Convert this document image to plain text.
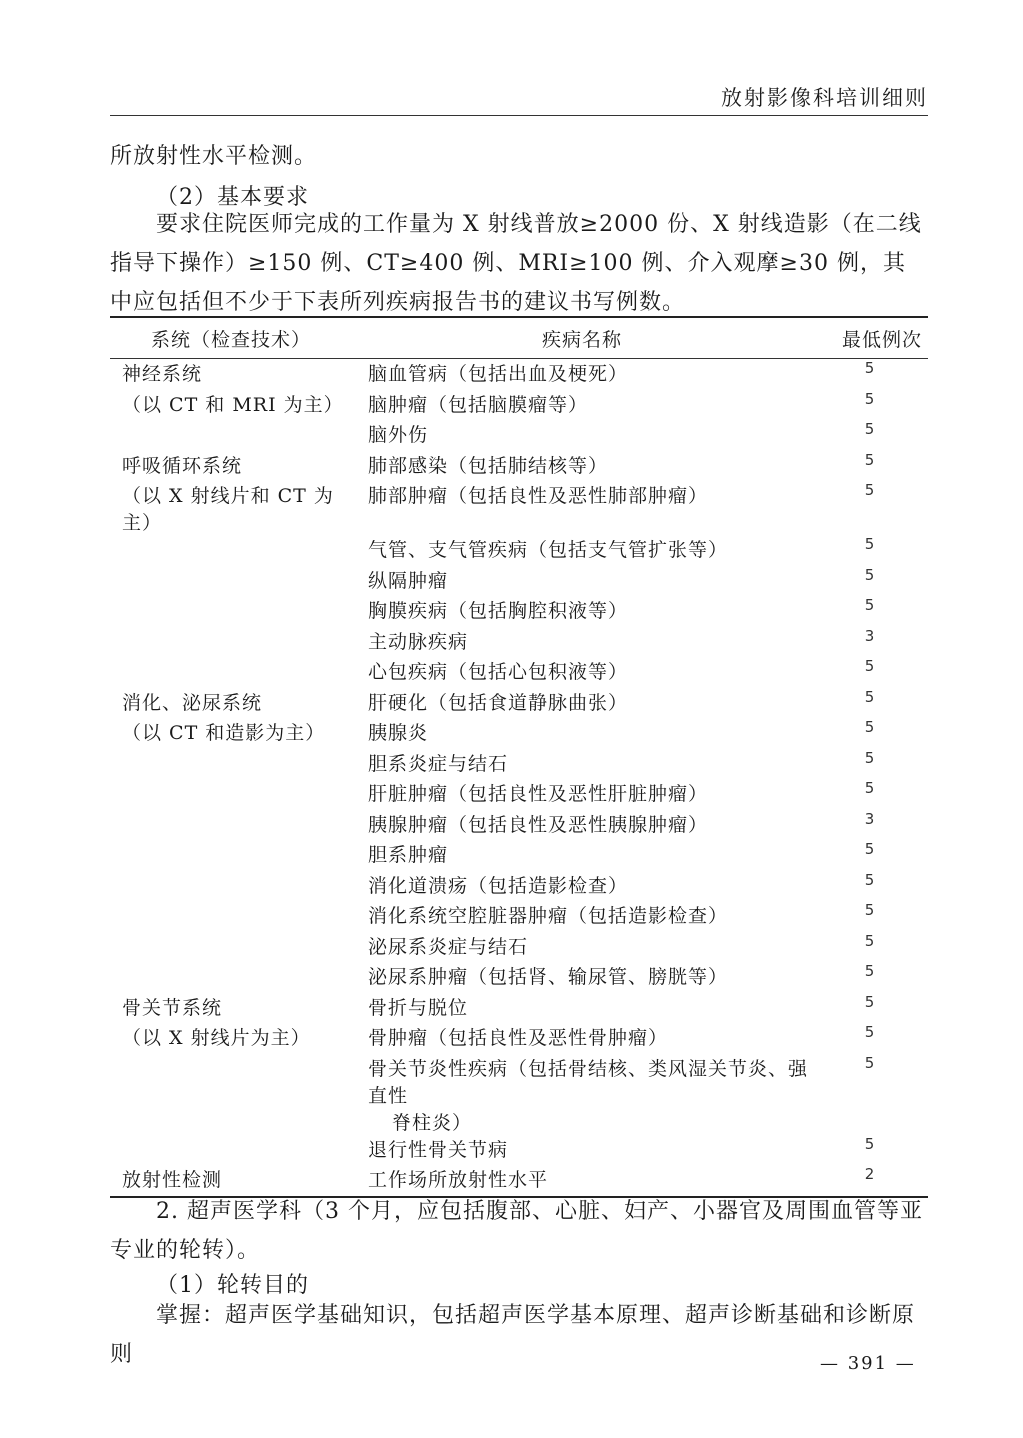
放射影像科培训细则

所放射性水平检测。

（2）基本要求

要求住院医师完成的工作量为 X 射线普放≥2000 份、X 射线造影（在二线指导下操作）≥150 例、CT≥400 例、MRI≥100 例、介入观摩≥30 例，其中应包括但不少于下表所列疾病报告书的建议书写例数。

系统（检查技术）	疾病名称	最低例次
神经系统	脑血管病（包括出血及梗死）	5
（以 CT 和 MRI 为主）	脑肿瘤（包括脑膜瘤等）	5
	脑外伤	5
呼吸循环系统	肺部感染（包括肺结核等）	5
（以 X 射线片和 CT 为主）	肺部肿瘤（包括良性及恶性肺部肿瘤）	5
	气管、支气管疾病（包括支气管扩张等）	5
	纵隔肿瘤	5
	胸膜疾病（包括胸腔积液等）	5
	主动脉疾病	3
	心包疾病（包括心包积液等）	5
消化、泌尿系统	肝硬化（包括食道静脉曲张）	5
（以 CT 和造影为主）	胰腺炎	5
	胆系炎症与结石	5
	肝脏肿瘤（包括良性及恶性肝脏肿瘤）	5
	胰腺肿瘤（包括良性及恶性胰腺肿瘤）	3
	胆系肿瘤	5
	消化道溃疡（包括造影检查）	5
	消化系统空腔脏器肿瘤（包括造影检查）	5
	泌尿系炎症与结石	5
	泌尿系肿瘤（包括肾、输尿管、膀胱等）	5
骨关节系统	骨折与脱位	5
（以 X 射线片为主）	骨肿瘤（包括良性及恶性骨肿瘤）	5
	骨关节炎性疾病（包括骨结核、类风湿关节炎、强直性
脊柱炎）	5
	退行性骨关节病	5
放射性检测	工作场所放射性水平	2

2. 超声医学科（3 个月，应包括腹部、心脏、妇产、小器官及周围血管等亚专业的轮转）。

（1）轮转目的

掌握：超声医学基础知识，包括超声医学基本原理、超声诊断基础和诊断原则	— 391 —
